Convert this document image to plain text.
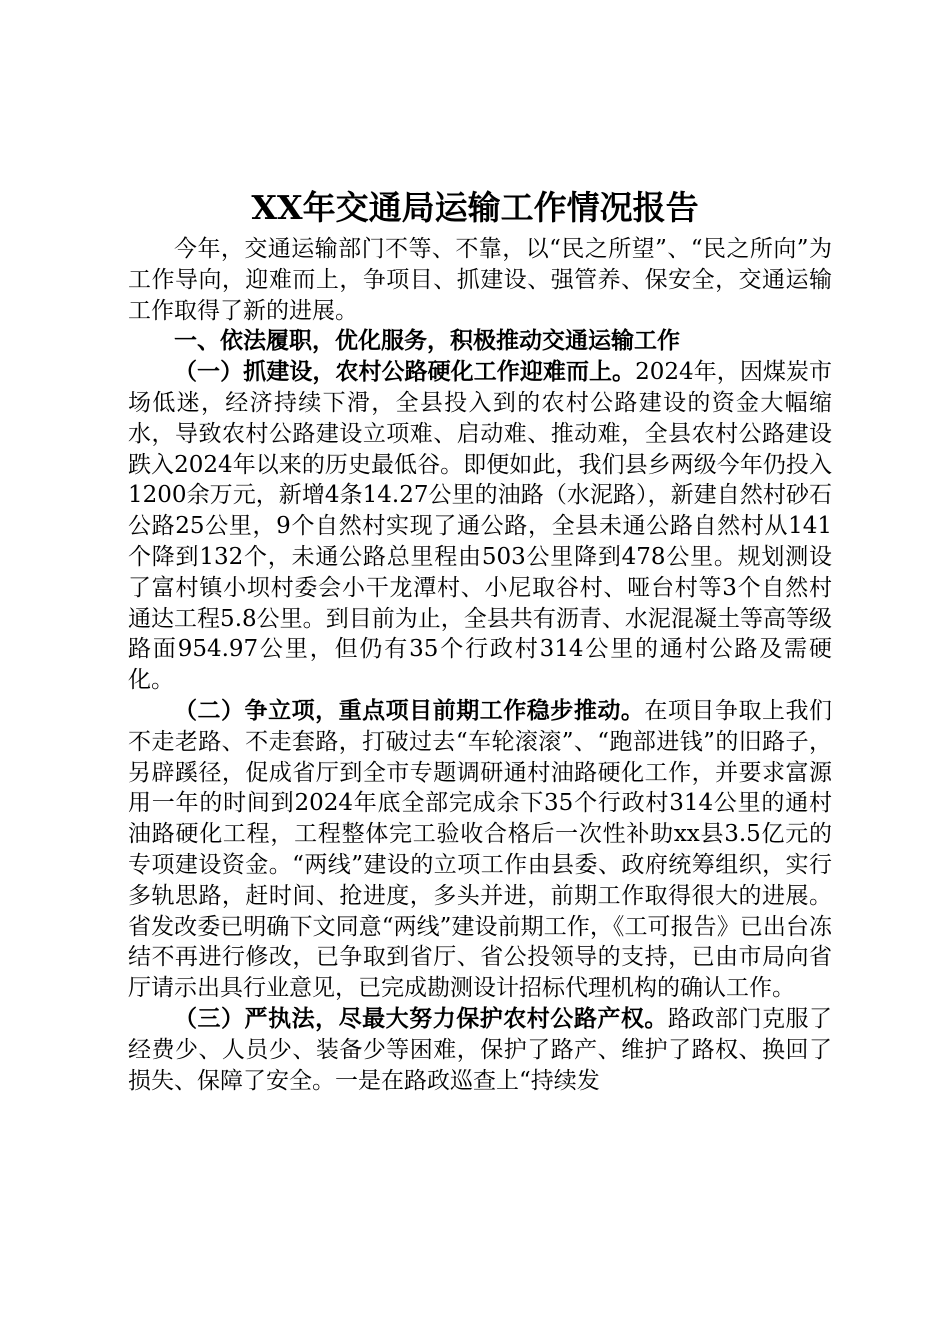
XX年交通局运输工作情况报告

今年，交通运输部门不等、不靠，以“民之所望”、“民之所向”为工作导向，迎难而上，争项目、抓建设、强管养、保安全，交通运输工作取得了新的进展。

一、依法履职，优化服务，积极推动交通运输工作

（一）抓建设，农村公路硬化工作迎难而上。2024年，因煤炭市场低迷，经济持续下滑，全县投入到的农村公路建设的资金大幅缩水，导致农村公路建设立项难、启动难、推动难，全县农村公路建设跌入2024年以来的历史最低谷。即便如此，我们县乡两级今年仍投入1200余万元，新增4条14.27公里的油路（水泥路），新建自然村砂石公路25公里，9个自然村实现了通公路，全县未通公路自然村从141个降到132个，未通公路总里程由503公里降到478公里。规划测设了富村镇小坝村委会小干龙潭村、小尼取谷村、哑台村等3个自然村通达工程5.8公里。到目前为止，全县共有沥青、水泥混凝土等高等级路面954.97公里，但仍有35个行政村314公里的通村公路及需硬化。

（二）争立项，重点项目前期工作稳步推动。在项目争取上我们不走老路、不走套路，打破过去“车轮滚滚”、“跑部进钱”的旧路子，另辟蹊径，促成省厅到全市专题调研通村油路硬化工作，并要求富源用一年的时间到2024年底全部完成余下35个行政村314公里的通村油路硬化工程，工程整体完工验收合格后一次性补助xx县3.5亿元的专项建设资金。“两线”建设的立项工作由县委、政府统筹组织，实行多轨思路，赶时间、抢进度，多头并进，前期工作取得很大的进展。省发改委已明确下文同意“两线”建设前期工作，《工可报告》已出台冻结不再进行修改，已争取到省厅、省公投领导的支持，已由市局向省厅请示出具行业意见，已完成勘测设计招标代理机构的确认工作。

（三）严执法，尽最大努力保护农村公路产权。路政部门克服了经费少、人员少、装备少等困难，保护了路产、维护了路权、换回了损失、保障了安全。一是在路政巡查上“持续发
